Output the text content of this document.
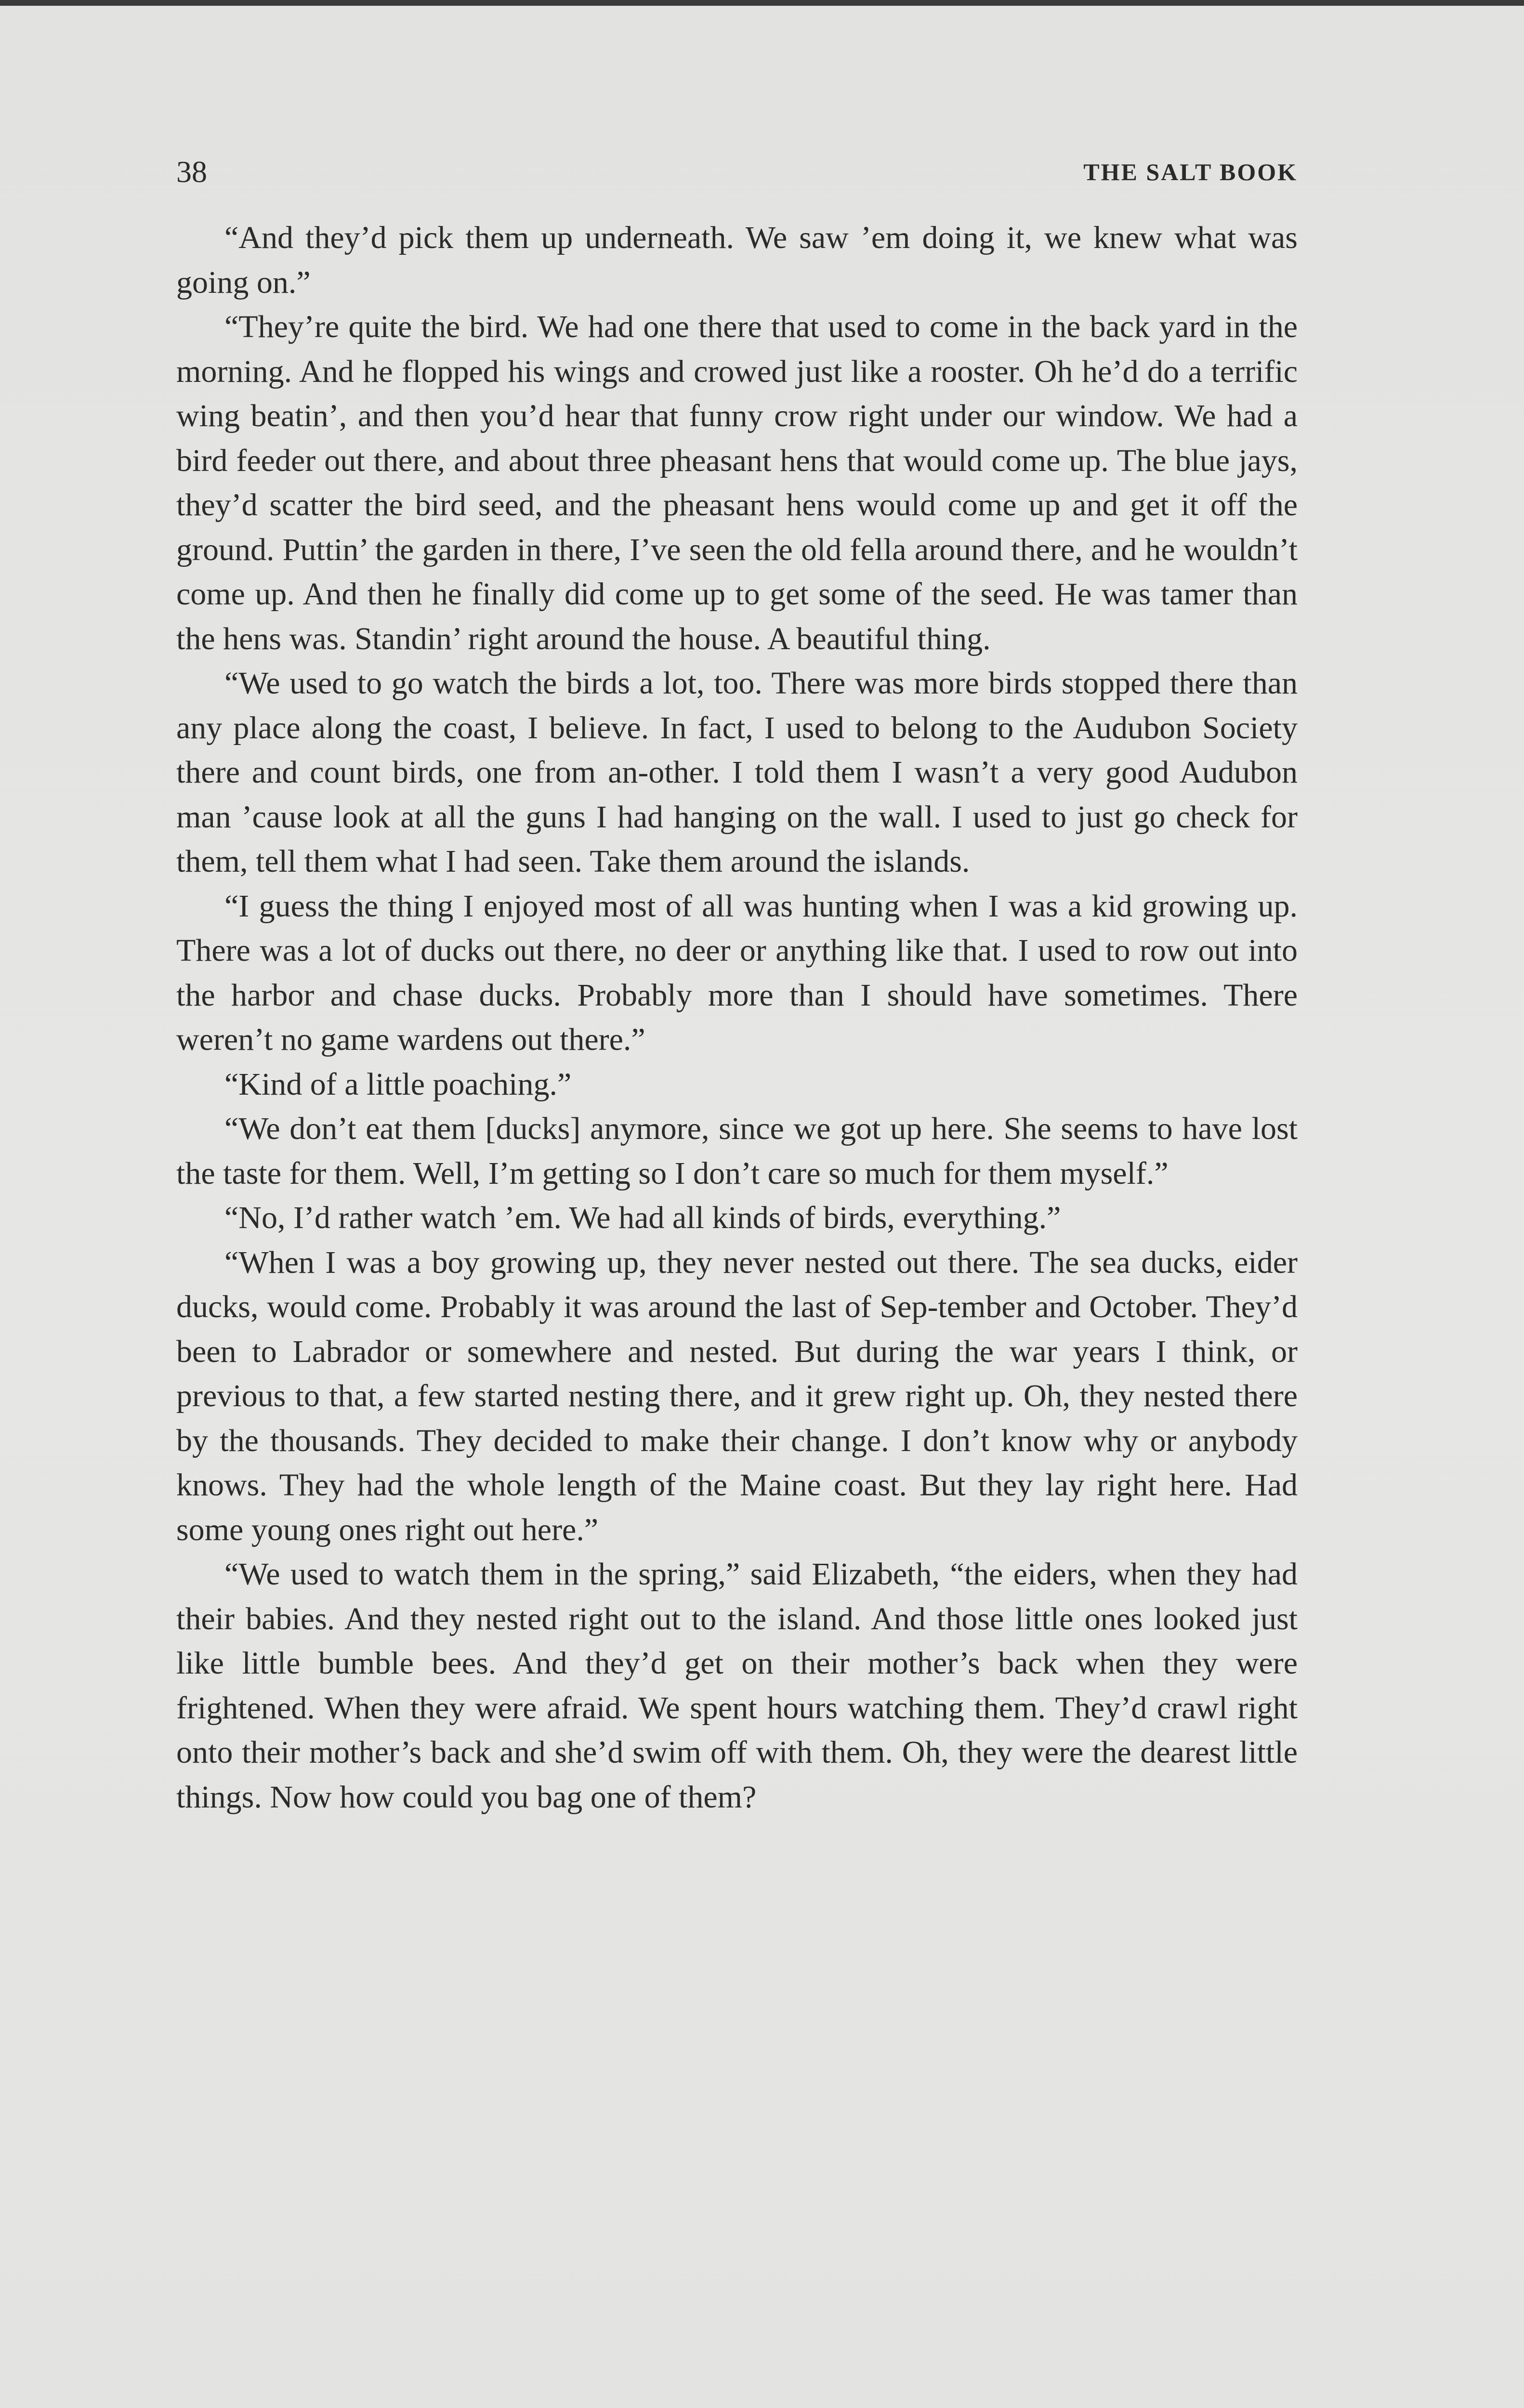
38	THE SALT BOOK

“And they’d pick them up underneath. We saw ’em doing it, we knew what was going on.”

“They’re quite the bird. We had one there that used to come in the back yard in the morning. And he flopped his wings and crowed just like a rooster. Oh he’d do a terrific wing beatin’, and then you’d hear that funny crow right under our window. We had a bird feeder out there, and about three pheasant hens that would come up. The blue jays, they’d scatter the bird seed, and the pheasant hens would come up and get it off the ground. Puttin’ the garden in there, I’ve seen the old fella around there, and he wouldn’t come up. And then he finally did come up to get some of the seed. He was tamer than the hens was. Standin’ right around the house. A beautiful thing.

“We used to go watch the birds a lot, too. There was more birds stopped there than any place along the coast, I believe. In fact, I used to belong to the Audubon Society there and count birds, one from an-other. I told them I wasn’t a very good Audubon man ’cause look at all the guns I had hanging on the wall. I used to just go check for them, tell them what I had seen. Take them around the islands.

“I guess the thing I enjoyed most of all was hunting when I was a kid growing up. There was a lot of ducks out there, no deer or anything like that. I used to row out into the harbor and chase ducks. Probably more than I should have sometimes. There weren’t no game wardens out there.”

“Kind of a little poaching.”

“We don’t eat them [ducks] anymore, since we got up here. She seems to have lost the taste for them. Well, I’m getting so I don’t care so much for them myself.”

“No, I’d rather watch ’em. We had all kinds of birds, everything.”

“When I was a boy growing up, they never nested out there. The sea ducks, eider ducks, would come. Probably it was around the last of Sep-tember and October. They’d been to Labrador or somewhere and nested. But during the war years I think, or previous to that, a few started nesting there, and it grew right up. Oh, they nested there by the thousands. They decided to make their change. I don’t know why or anybody knows. They had the whole length of the Maine coast. But they lay right here. Had some young ones right out here.”

“We used to watch them in the spring,” said Elizabeth, “the eiders, when they had their babies. And they nested right out to the island. And those little ones looked just like little bumble bees. And they’d get on their mother’s back when they were frightened. When they were afraid. We spent hours watching them. They’d crawl right onto their mother’s back and she’d swim off with them. Oh, they were the dearest little things. Now how could you bag one of them?
